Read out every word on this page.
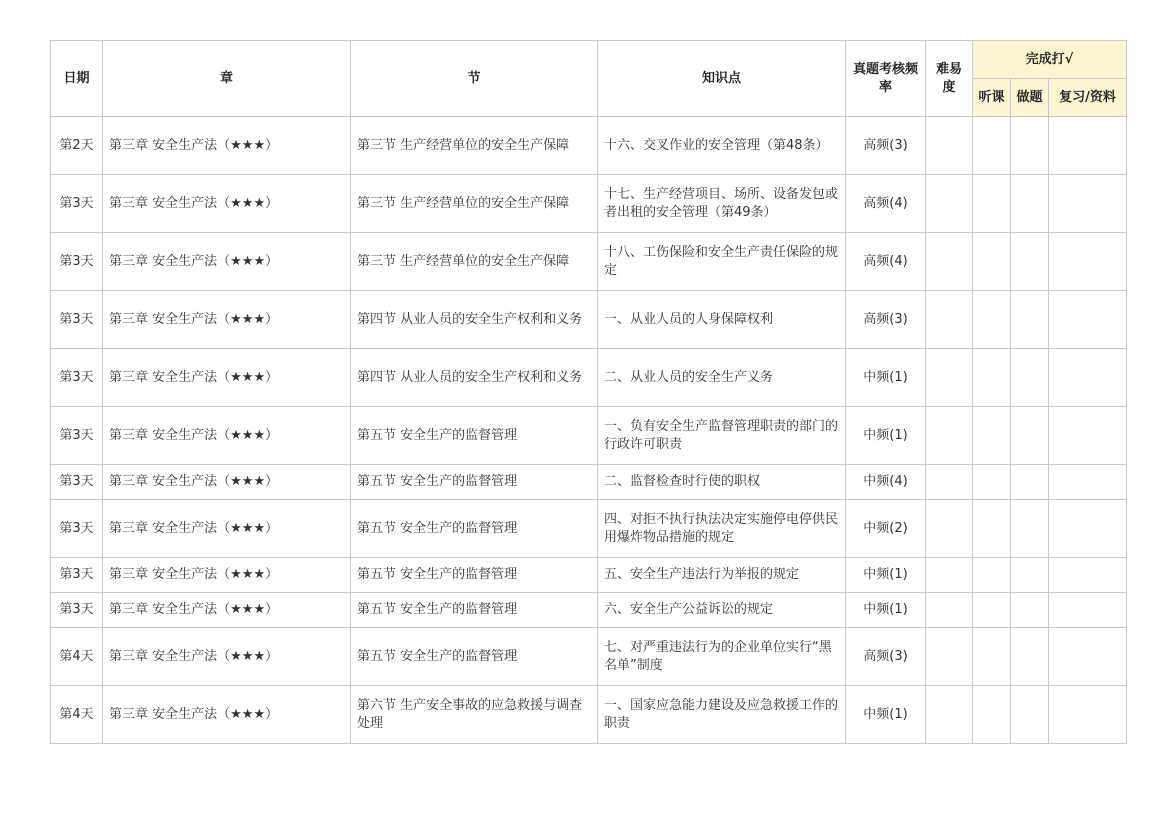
日期	章	节	知识点	真题考核频率	难易度	完成打√		
						听课	做题	复习/资料
第2天	第三章 安全生产法（★★★）	第三节 生产经营单位的安全生产保障	十六、交叉作业的安全管理（第48条）	高频(3)				
第3天	第三章 安全生产法（★★★）	第三节 生产经营单位的安全生产保障	十七、生产经营项目、场所、设备发包或者出租的安全管理（第49条）	高频(4)				
第3天	第三章 安全生产法（★★★）	第三节 生产经营单位的安全生产保障	十八、工伤保险和安全生产责任保险的规定	高频(4)				
第3天	第三章 安全生产法（★★★）	第四节 从业人员的安全生产权利和义务	一、从业人员的人身保障权利	高频(3)				
第3天	第三章 安全生产法（★★★）	第四节 从业人员的安全生产权利和义务	二、从业人员的安全生产义务	中频(1)				
第3天	第三章 安全生产法（★★★）	第五节 安全生产的监督管理	一、负有安全生产监督管理职责的部门的行政许可职责	中频(1)				
第3天	第三章 安全生产法（★★★）	第五节 安全生产的监督管理	二、监督检查时行使的职权	中频(4)				
第3天	第三章 安全生产法（★★★）	第五节 安全生产的监督管理	四、对拒不执行执法决定实施停电停供民用爆炸物品措施的规定	中频(2)				
第3天	第三章 安全生产法（★★★）	第五节 安全生产的监督管理	五、安全生产违法行为举报的规定	中频(1)				
第3天	第三章 安全生产法（★★★）	第五节 安全生产的监督管理	六、安全生产公益诉讼的规定	中频(1)				
第4天	第三章 安全生产法（★★★）	第五节 安全生产的监督管理	七、对严重违法行为的企业单位实行“黑名单”制度	高频(3)				
第4天	第三章 安全生产法（★★★）	第六节 生产安全事故的应急救援与调查处理	一、国家应急能力建设及应急救援工作的职责	中频(1)				
